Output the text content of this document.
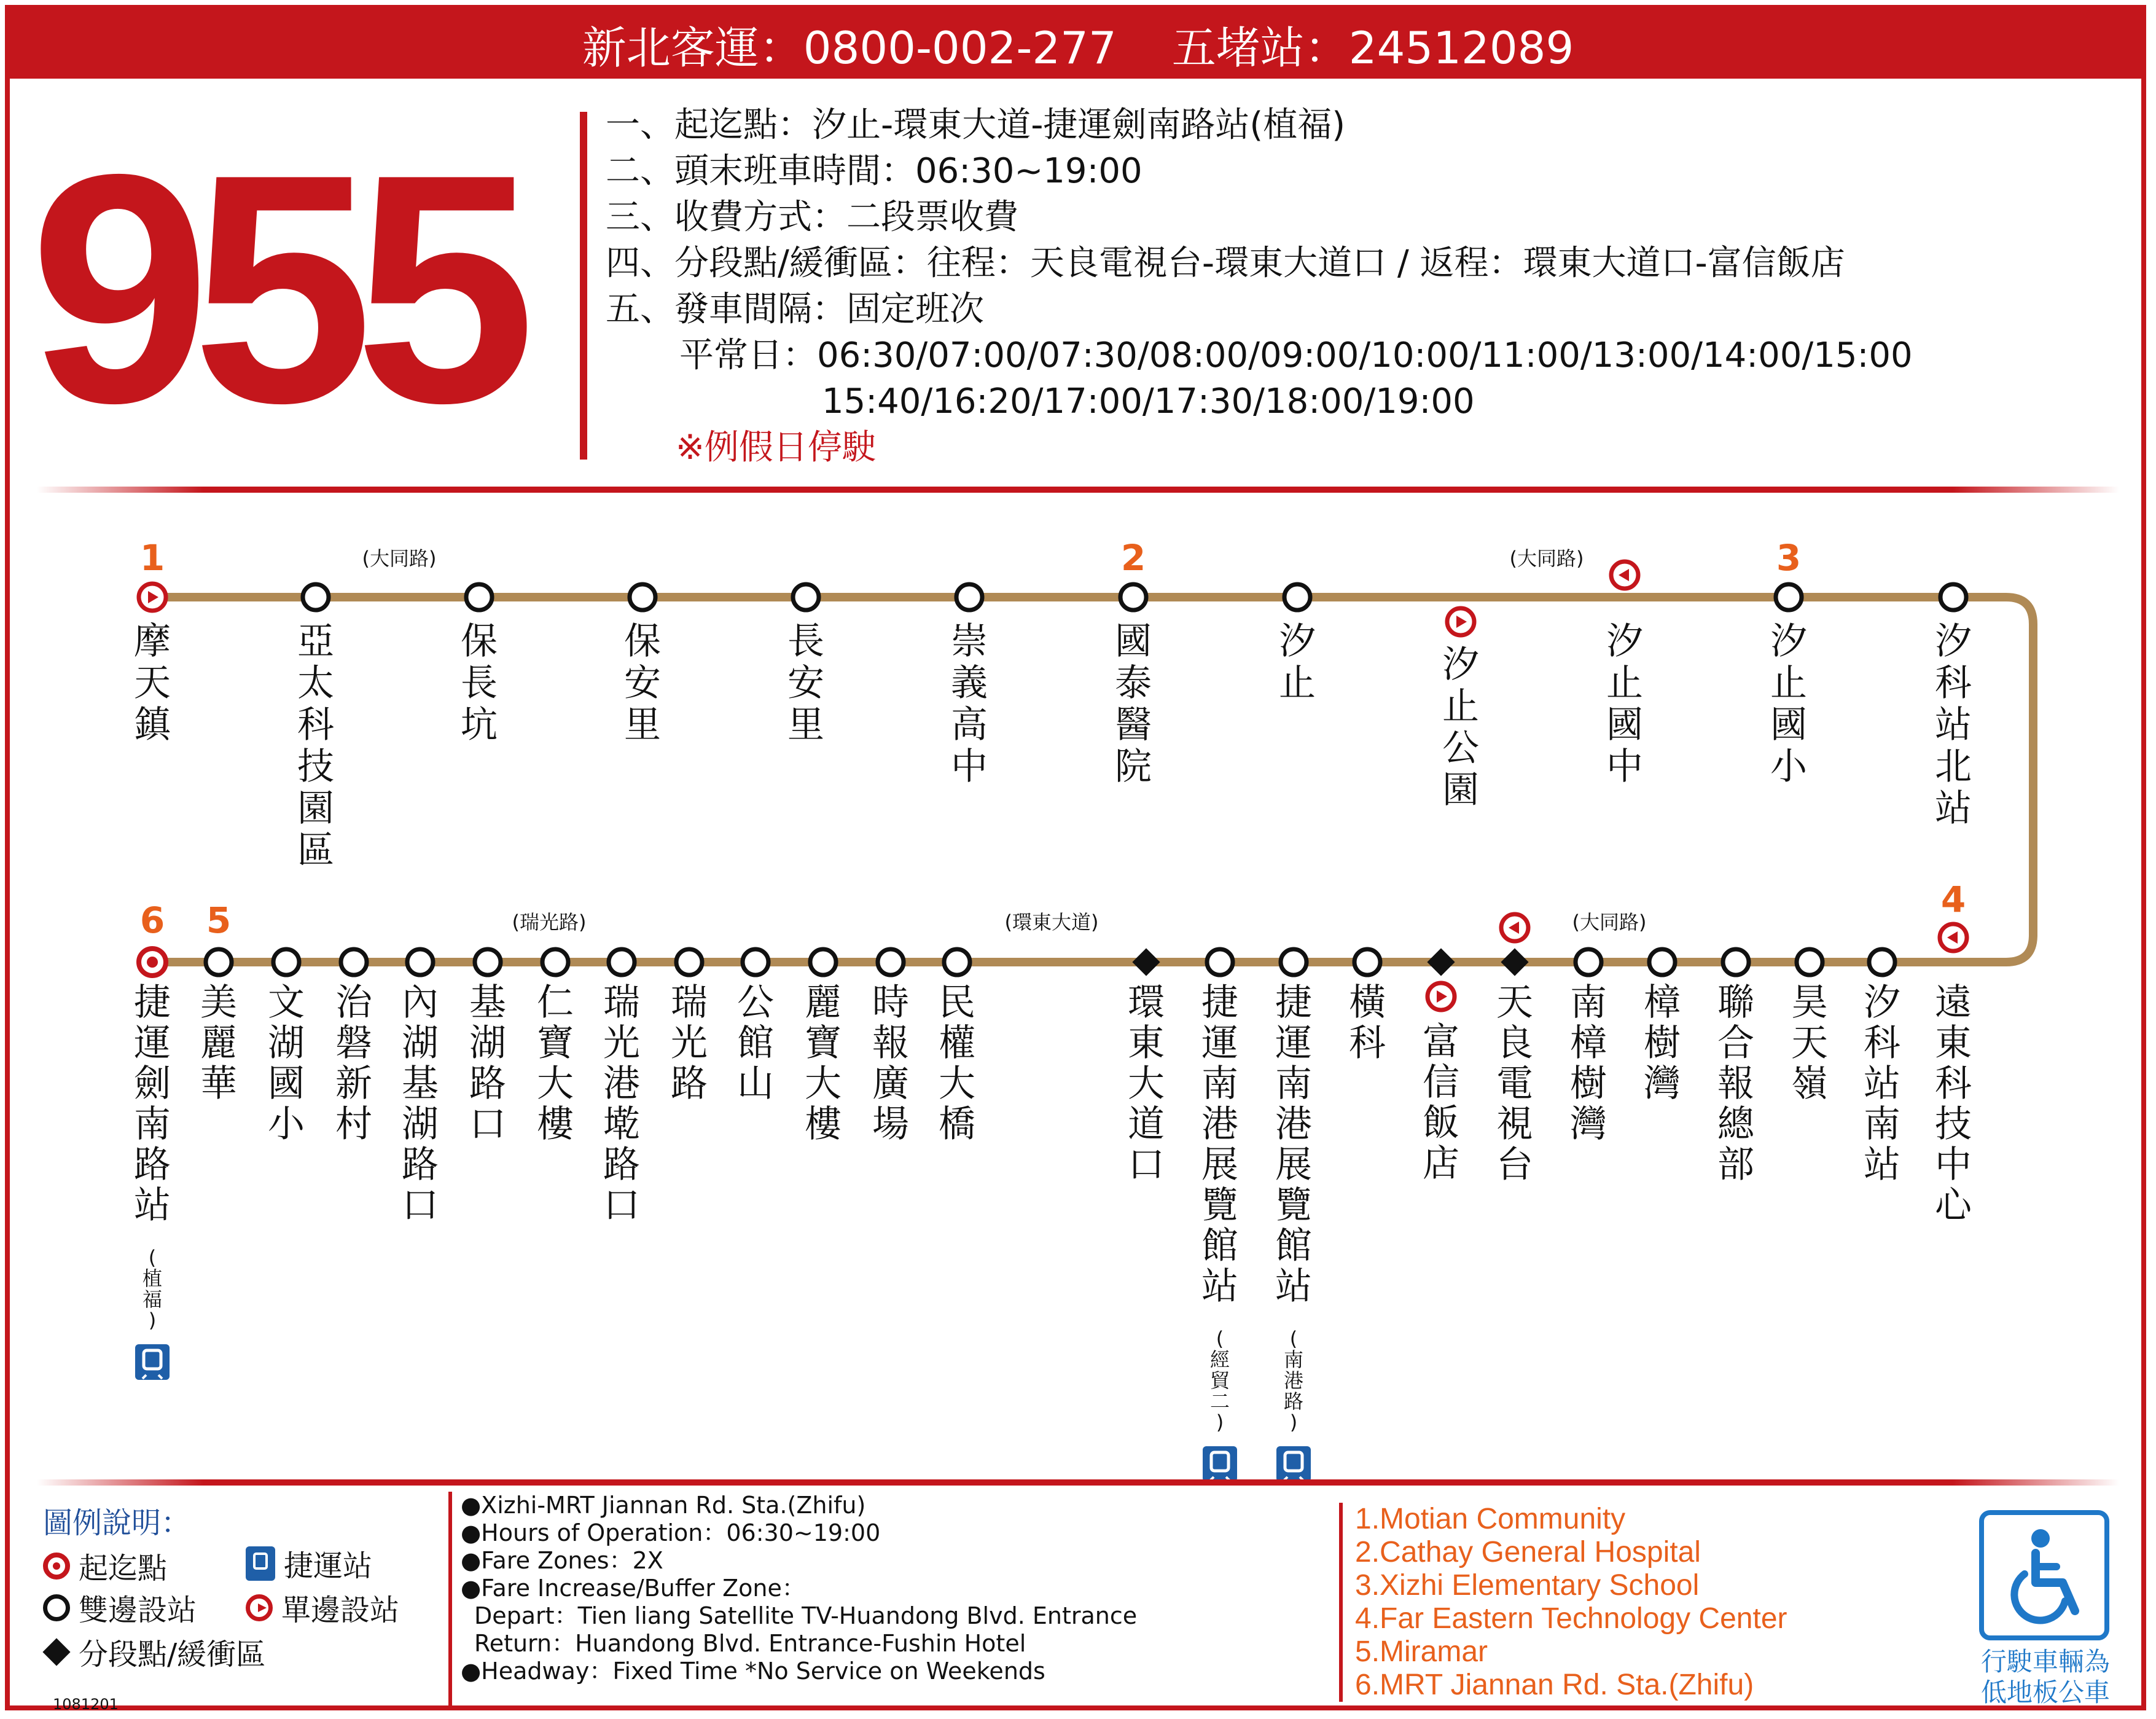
新北客運：0800-002-277 五堵站：24512089
955	一、起迄點：汐止-環東大道-捷運劍南路站(植福)
二、頭末班車時間：06:30~19:00
三、收費方式：二段票收費
四、分段點/緩衝區：往程：天良電視台-環東大道口 / 返程：環東大道口-富信飯店
五、發車間隔：固定班次
平常日：06:30/07:00/07:30/08:00/09:00/10:00/11:00/13:00/14:00/15:00
15:40/16:20/17:00/17:30/18:00/19:00
※例假日停駛
(大同路)	(大同路)
1
摩天鎮
亞太科技園區
保長坑
保安里
長安里
崇義高中
2
國泰醫院
汐止	汐止公園
汐止國中
3
汐止國小
汐科站北站
(瑞光路)	(環東大道)	(大同路)
6
捷運劍南路站
(植福)
5
美麗華
文湖國小
治磐新村
內湖基湖路口
基湖路口
仁寶大樓
瑞光港墘路口
瑞光路
公館山
麗寶大樓
時報廣場
民權大橋
環東大道口
捷運南港展覽館站
(經貿二)
捷運南港展覽館站
(南港路)
橫科 富信飯店
天良電視台
南樟樹灣
樟樹灣
聯合報總部
昊天嶺
汐科站南站
4
遠東科技中心
圖例說明：
起迄點	捷運站
雙邊設站	單邊設站
分段點/緩衝區
1081201
●Xizhi-MRT Jiannan Rd. Sta.(Zhifu)
●Hours of Operation：06:30~19:00
●Fare Zones：2X
●Fare Increase/Buffer Zone：
Depart：Tien liang Satellite TV-Huandong Blvd. Entrance
Return：Huandong Blvd. Entrance-Fushin Hotel
●Headway：Fixed Time *No Service on Weekends
1.Motian Community
2.Cathay General Hospital
3.Xizhi Elementary School
4.Far Eastern Technology Center
5.Miramar
6.MRT Jiannan Rd. Sta.(Zhifu)
行駛車輛為
低地板公車
